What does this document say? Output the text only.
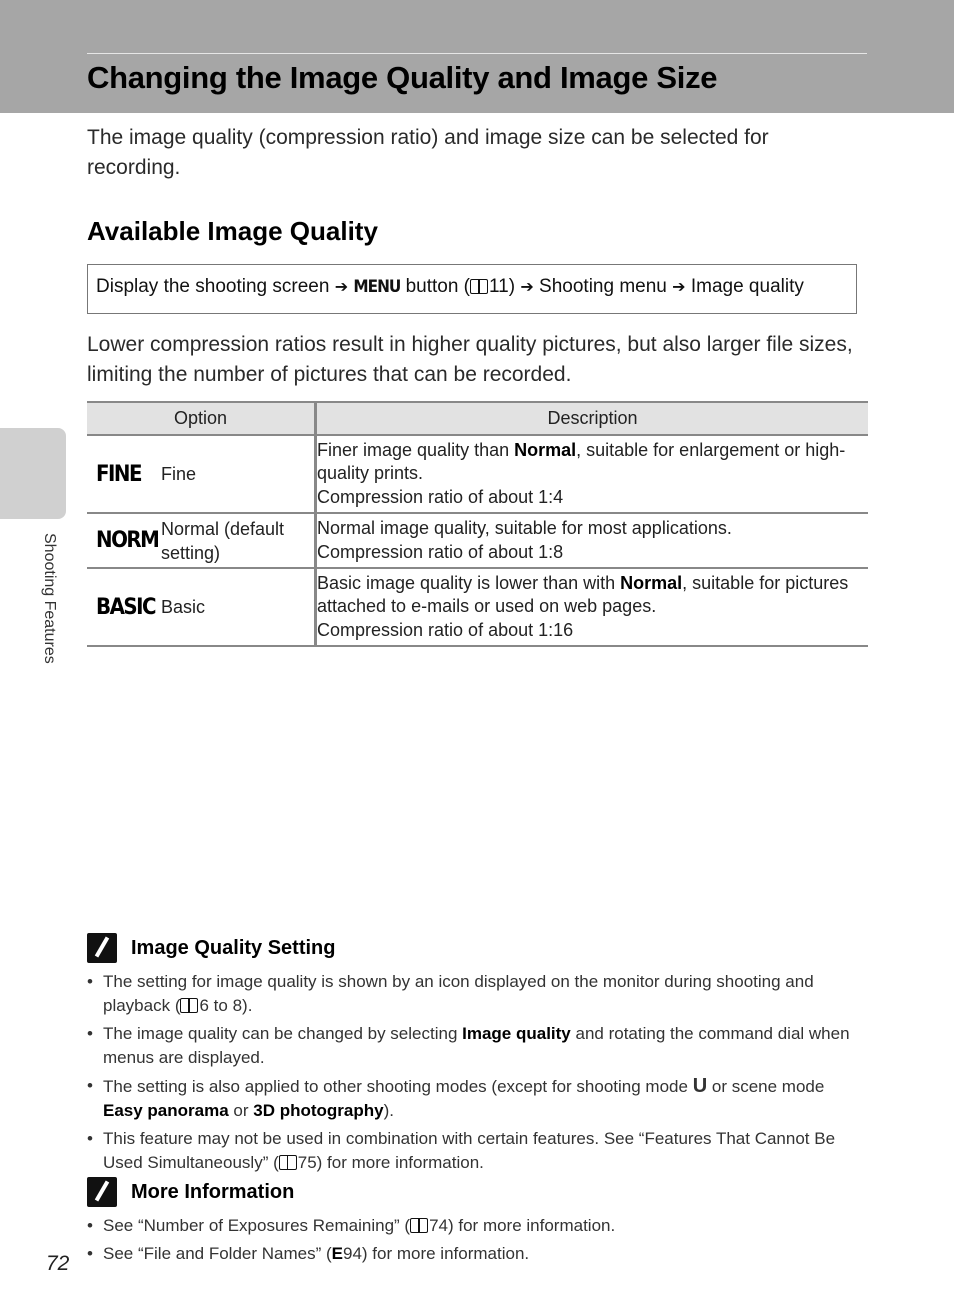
Changing the Image Quality and Image Size

The image quality (compression ratio) and image size can be selected for recording.

Available Image Quality
Display the shooting screen ➔ MENU button ( 11) ➔ Shooting menu ➔ Image quality

Lower compression ratios result in higher quality pictures, but also larger file sizes, limiting the number of pictures that can be recorded.

Option	Description

FINE Fine	Finer image quality than Normal, suitable for enlargement or high-quality prints.
Compression ratio of about 1:4

NORM Normal (default setting)	Normal image quality, suitable for most applications.
Compression ratio of about 1:8

BASIC Basic	Basic image quality is lower than with Normal, suitable for pictures attached to e-mails or used on web pages.
Compression ratio of about 1:16
Shooting Features
Image Quality Setting
• The setting for image quality is shown by an icon displayed on the monitor during shooting and playback ( 6 to 8).
• The image quality can be changed by selecting Image quality and rotating the command dial when menus are displayed.
• The setting is also applied to other shooting modes (except for shooting mode U or scene mode Easy panorama or 3D photography).
• This feature may not be used in combination with certain features. See “Features That Cannot Be Used Simultaneously” ( 75) for more information.
More Information
• See “Number of Exposures Remaining” ( 74) for more information.
• See “File and Folder Names” (E94) for more information.
72
